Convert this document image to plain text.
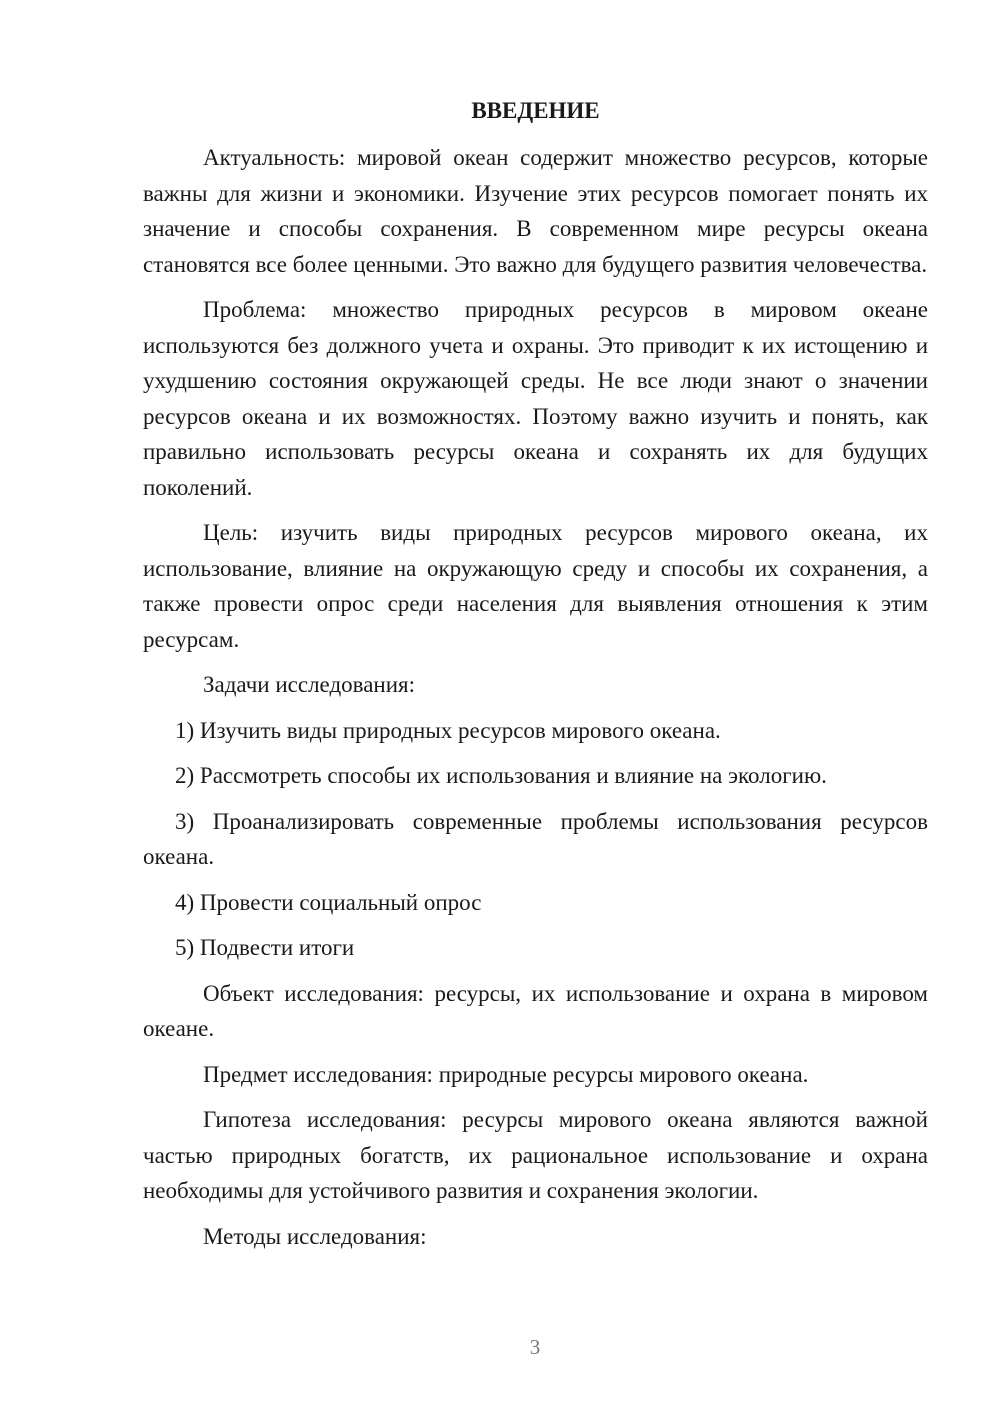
ВВЕДЕНИЕ

Актуальность: мировой океан содержит множество ресурсов, которые важны для жизни и экономики. Изучение этих ресурсов помогает понять их значение и способы сохранения. В современном мире ресурсы океана становятся все более ценными. Это важно для будущего развития человечества.

Проблема: множество природных ресурсов в мировом океане используются без должного учета и охраны. Это приводит к их истощению и ухудшению состояния окружающей среды. Не все люди знают о значении ресурсов океана и их возможностях. Поэтому важно изучить и понять, как правильно использовать ресурсы океана и сохранять их для будущих поколений.

Цель: изучить виды природных ресурсов мирового океана, их использование, влияние на окружающую среду и способы их сохранения, а также провести опрос среди населения для выявления отношения к этим ресурсам.

Задачи исследования:

1) Изучить виды природных ресурсов мирового океана.

2) Рассмотреть способы их использования и влияние на экологию.

3) Проанализировать современные проблемы использования ресурсов океана.

4) Провести социальный опрос

5) Подвести итоги

Объект исследования: ресурсы, их использование и охрана в мировом океане.

Предмет исследования: природные ресурсы мирового океана.

Гипотеза исследования: ресурсы мирового океана являются важной частью природных богатств, их рациональное использование и охрана необходимы для устойчивого развития и сохранения экологии.

Методы исследования:

3
